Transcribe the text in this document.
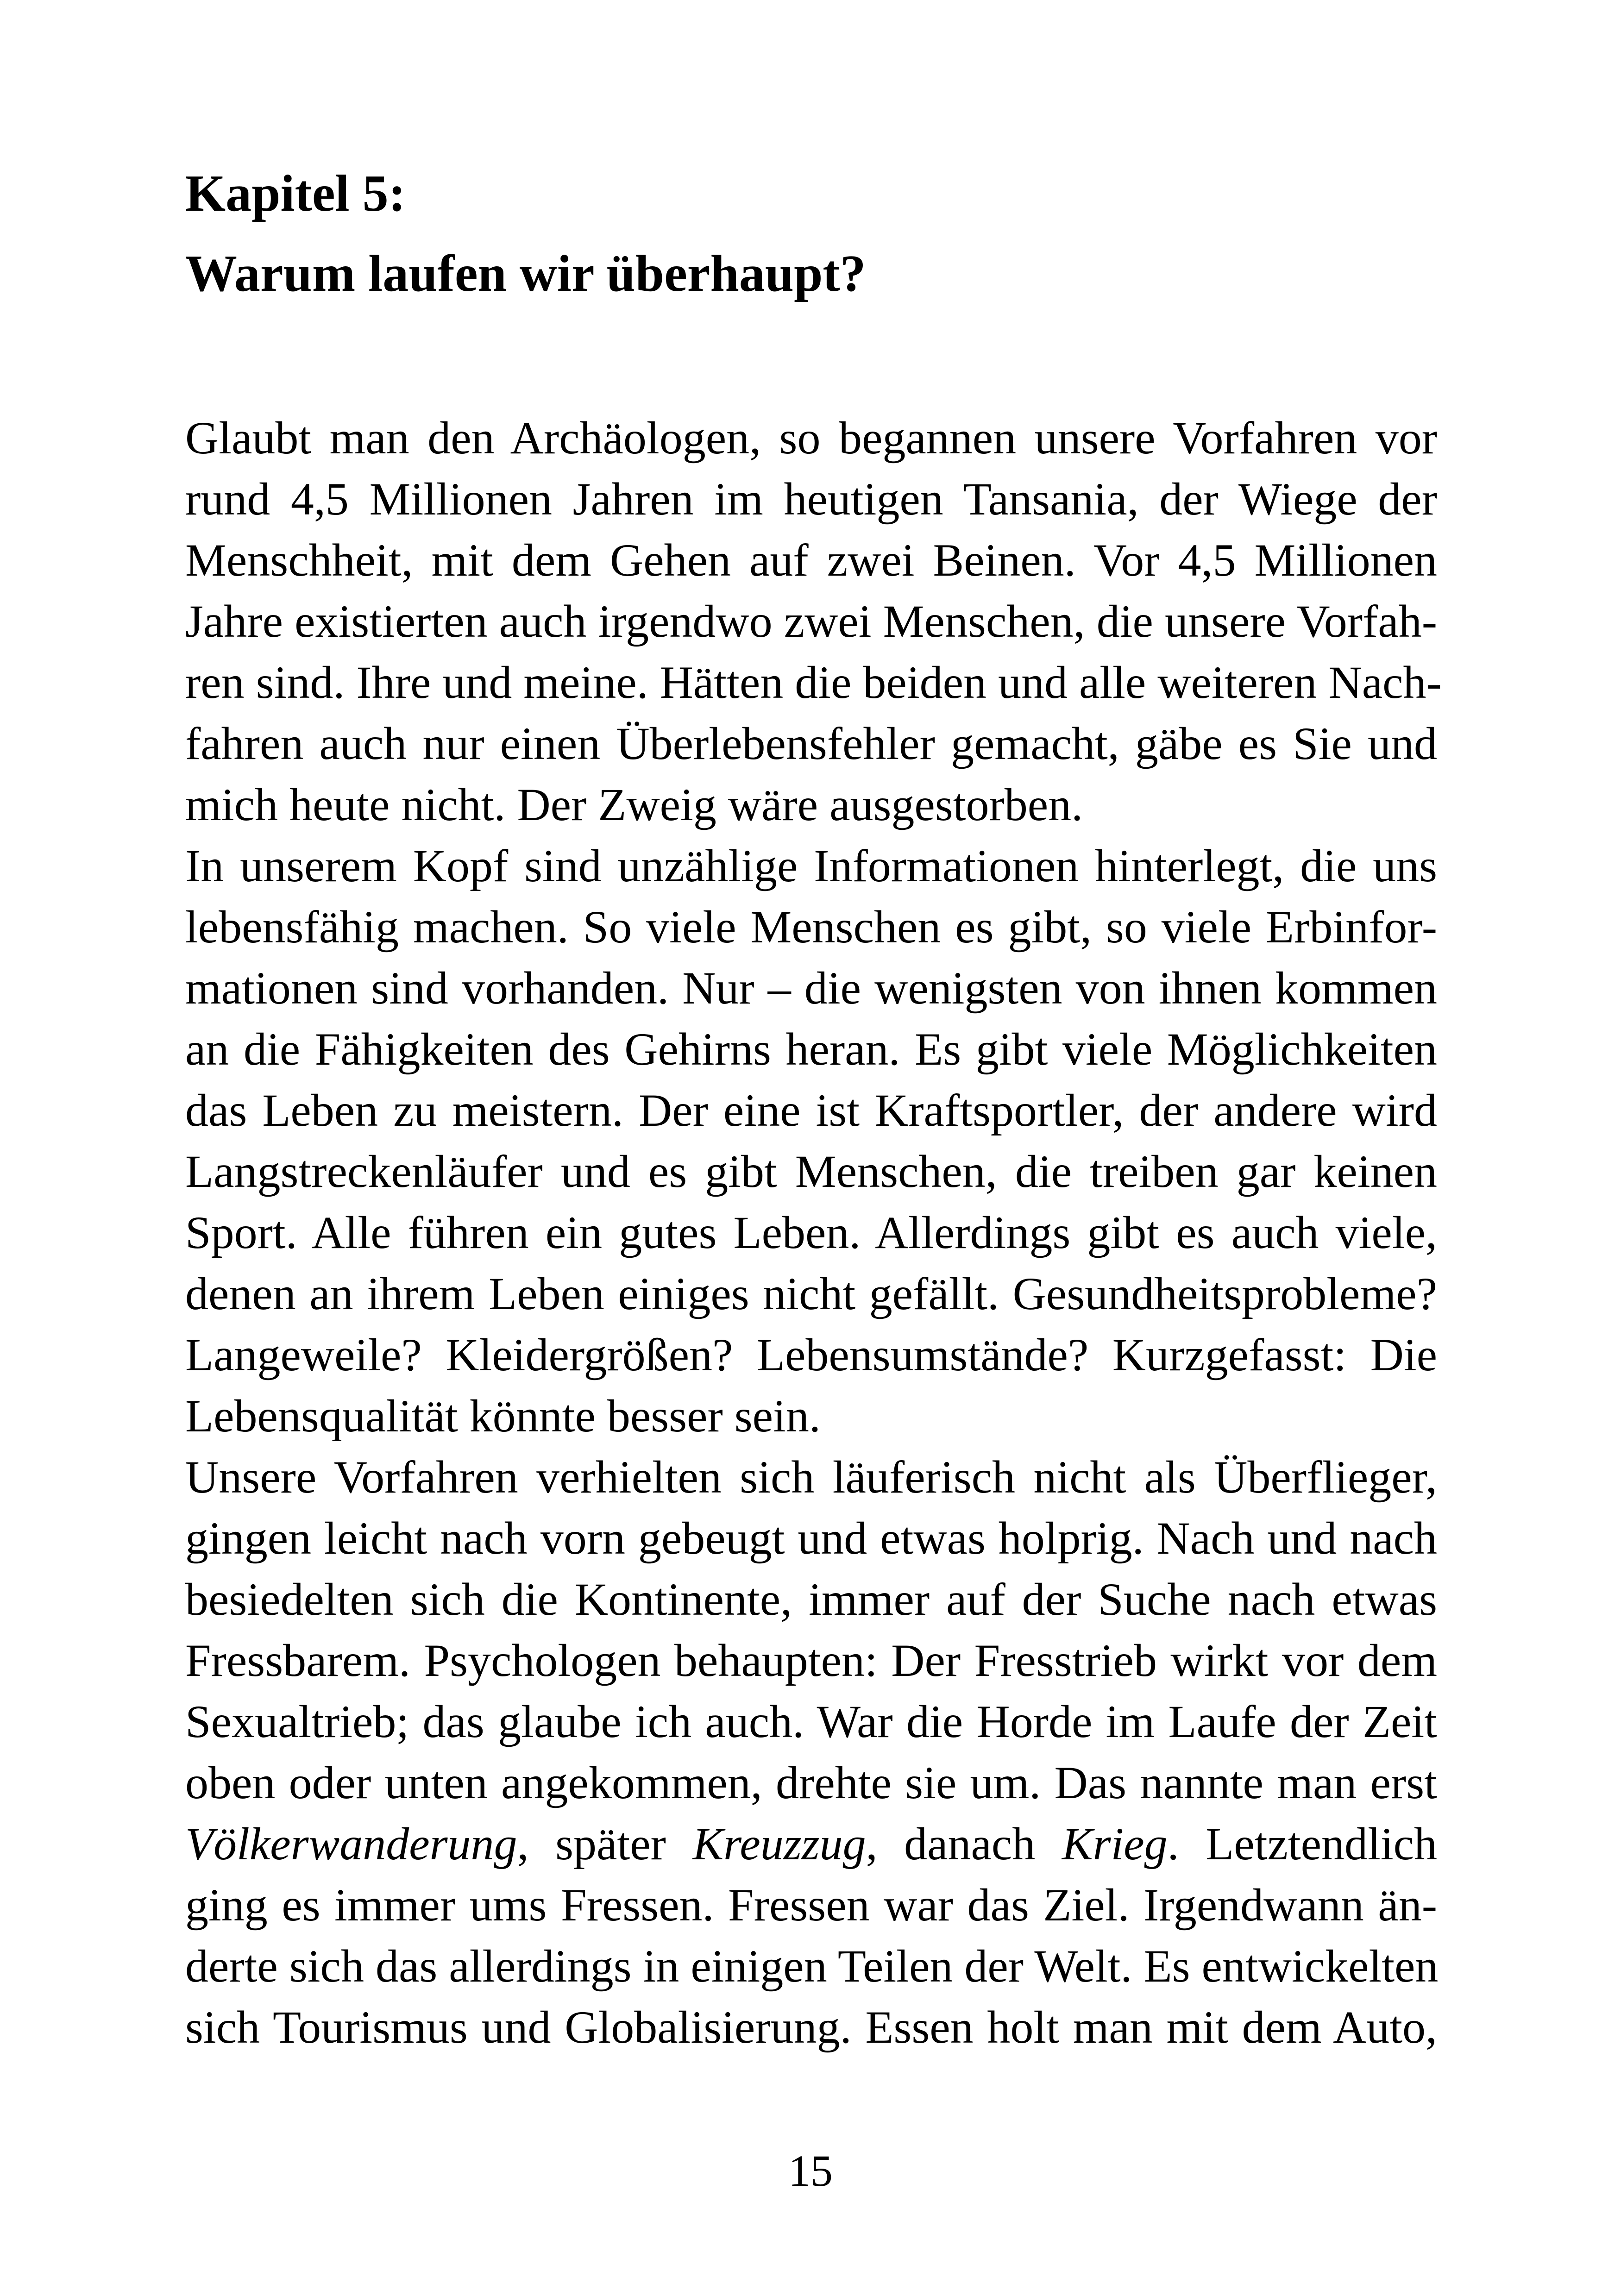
Kapitel 5:
Warum laufen wir überhaupt?
Glaubt man den Archäologen, so begannen unsere Vorfahren vor
rund 4,5 Millionen Jahren im heutigen Tansania, der Wiege der
Menschheit, mit dem Gehen auf zwei Beinen. Vor 4,5 Millionen
Jahre existierten auch irgendwo zwei Menschen, die unsere Vorfah-
ren sind. Ihre und meine. Hätten die beiden und alle weiteren Nach-
fahren auch nur einen Überlebensfehler gemacht, gäbe es Sie und
mich heute nicht. Der Zweig wäre ausgestorben.
In unserem Kopf sind unzählige Informationen hinterlegt, die uns
lebensfähig machen. So viele Menschen es gibt, so viele Erbinfor-
mationen sind vorhanden. Nur – die wenigsten von ihnen kommen
an die Fähigkeiten des Gehirns heran. Es gibt viele Möglichkeiten
das Leben zu meistern. Der eine ist Kraftsportler, der andere wird
Langstreckenläufer und es gibt Menschen, die treiben gar keinen
Sport. Alle führen ein gutes Leben. Allerdings gibt es auch viele,
denen an ihrem Leben einiges nicht gefällt. Gesundheitsprobleme?
Langeweile? Kleidergrößen? Lebensumstände? Kurzgefasst: Die
Lebensqualität könnte besser sein.
Unsere Vorfahren verhielten sich läuferisch nicht als Überflieger,
gingen leicht nach vorn gebeugt und etwas holprig. Nach und nach
besiedelten sich die Kontinente, immer auf der Suche nach etwas
Fressbarem. Psychologen behaupten: Der Fresstrieb wirkt vor dem
Sexualtrieb; das glaube ich auch. War die Horde im Laufe der Zeit
oben oder unten angekommen, drehte sie um. Das nannte man erst
Völkerwanderung, später Kreuzzug, danach Krieg. Letztendlich
ging es immer ums Fressen. Fressen war das Ziel. Irgendwann än-
derte sich das allerdings in einigen Teilen der Welt. Es entwickelten
sich Tourismus und Globalisierung. Essen holt man mit dem Auto,
15
